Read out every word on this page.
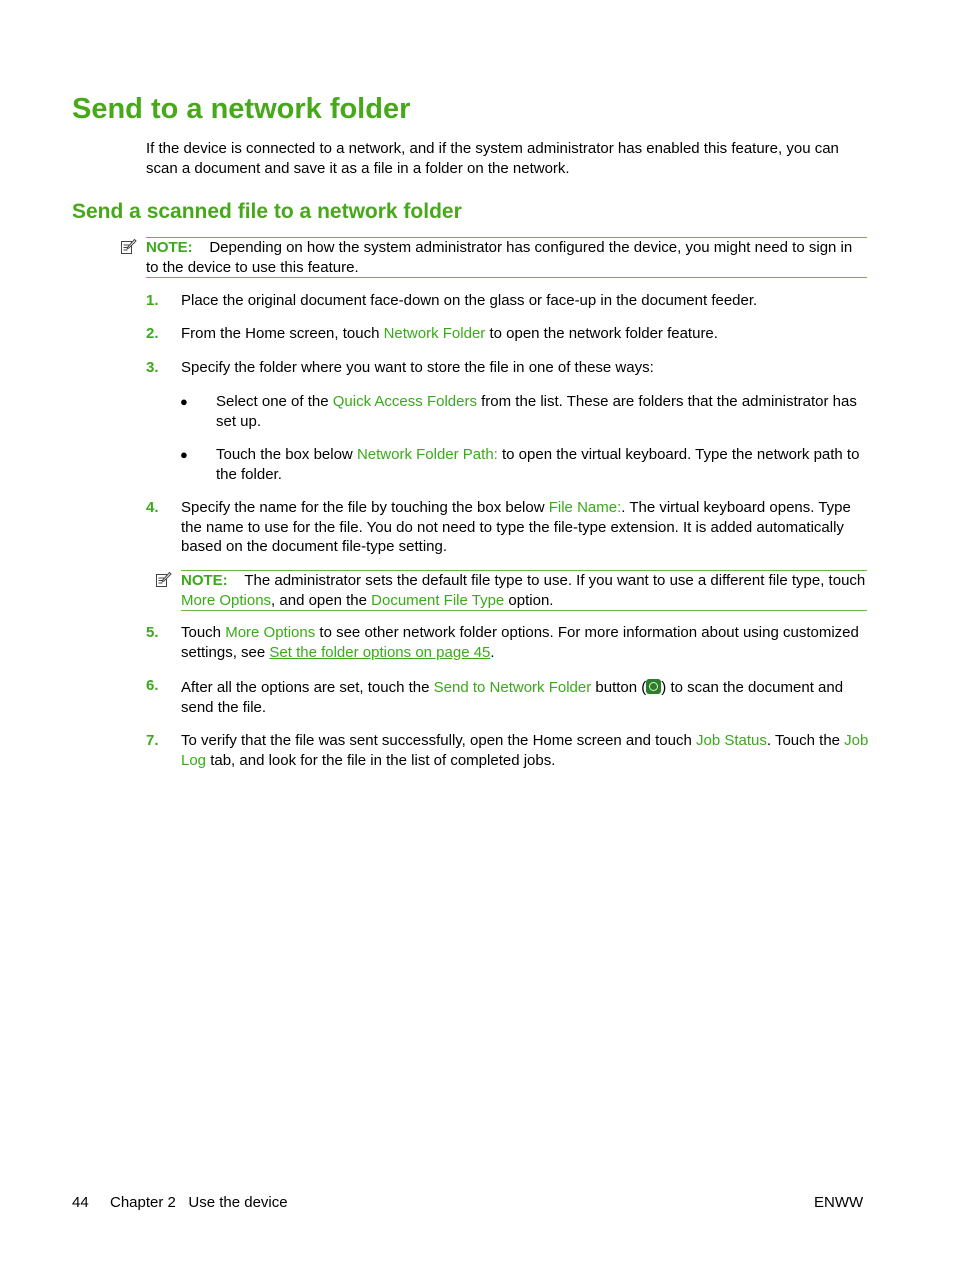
Send to a network folder
If the device is connected to a network, and if the system administrator has enabled this feature, you can scan a document and save it as a file in a folder on the network.
Send a scanned file to a network folder
NOTE: Depending on how the system administrator has configured the device, you might need to sign in to the device to use this feature.
1. Place the original document face-down on the glass or face-up in the document feeder.
2. From the Home screen, touch Network Folder to open the network folder feature.
3. Specify the folder where you want to store the file in one of these ways:
● Select one of the Quick Access Folders from the list. These are folders that the administrator has set up.
● Touch the box below Network Folder Path: to open the virtual keyboard. Type the network path to the folder.
4. Specify the name for the file by touching the box below File Name:. The virtual keyboard opens. Type the name to use for the file. You do not need to type the file-type extension. It is added automatically based on the document file-type setting.
NOTE: The administrator sets the default file type to use. If you want to use a different file type, touch More Options, and open the Document File Type option.
5. Touch More Options to see other network folder options. For more information about using customized settings, see Set the folder options on page 45.
6. After all the options are set, touch the Send to Network Folder button ( ) to scan the document and send the file.
7. To verify that the file was sent successfully, open the Home screen and touch Job Status. Touch the Job Log tab, and look for the file in the list of completed jobs.
44 Chapter 2   Use the device	ENWW
